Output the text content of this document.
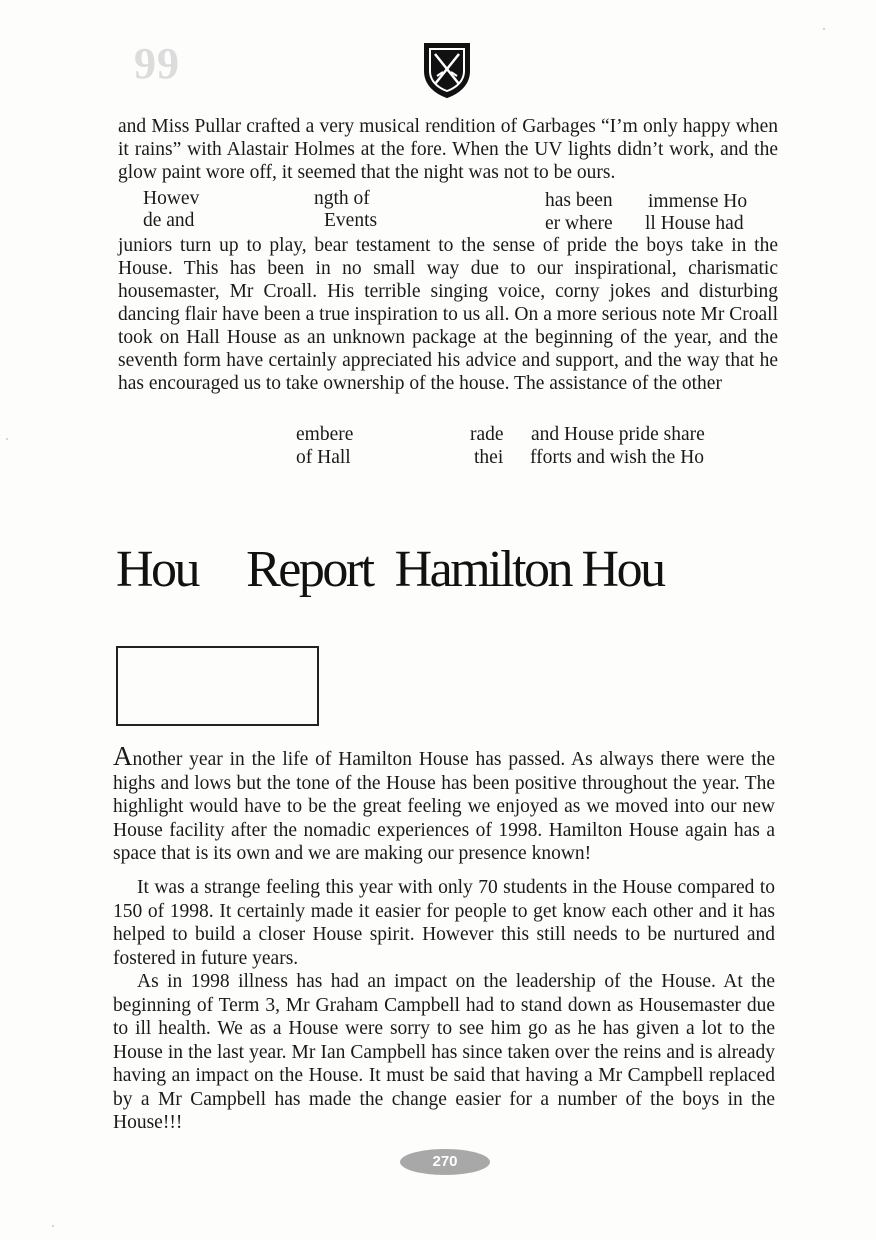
99

and Miss Pullar crafted a very musical rendition of Garbages “I’m only happy when it rains” with Alastair Holmes at the fore. When the UV lights didn’t work, and the glow paint wore off, it seemed that the night was not to be ours.

Howev	ngth of	has been immense Ho
de and	Events	er where ll House had

juniors turn up to play, bear testament to the sense of pride the boys take in the House. This has been in no small way due to our inspirational, charismatic housemaster, Mr Croall. His terrible singing voice, corny jokes and disturbing dancing flair have been a true inspiration to us all. On a more serious note Mr Croall took on Hall House as an unknown package at the beginning of the year, and the seventh form have certainly appreciated his advice and support, and the way that he has encouraged us to take ownership of the house. The assistance of the other

embere	rade and House pride share
of Hall	thei fforts and wish the Ho
Hou Report Hamilton Hou

Another year in the life of Hamilton House has passed. As always there were the highs and lows but the tone of the House has been positive throughout the year. The highlight would have to be the great feeling we enjoyed as we moved into our new House facility after the nomadic experiences of 1998. Hamilton House again has a space that is its own and we are making our presence known!

It was a strange feeling this year with only 70 students in the House compared to 150 of 1998. It certainly made it easier for people to get know each other and it has helped to build a closer House spirit. However this still needs to be nurtured and fostered in future years.

As in 1998 illness has had an impact on the leadership of the House. At the beginning of Term 3, Mr Graham Campbell had to stand down as Housemaster due to ill health. We as a House were sorry to see him go as he has given a lot to the House in the last year. Mr Ian Campbell has since taken over the reins and is already having an impact on the House. It must be said that having a Mr Campbell replaced by a Mr Campbell has made the change easier for a number of the boys in the House!!!

270
